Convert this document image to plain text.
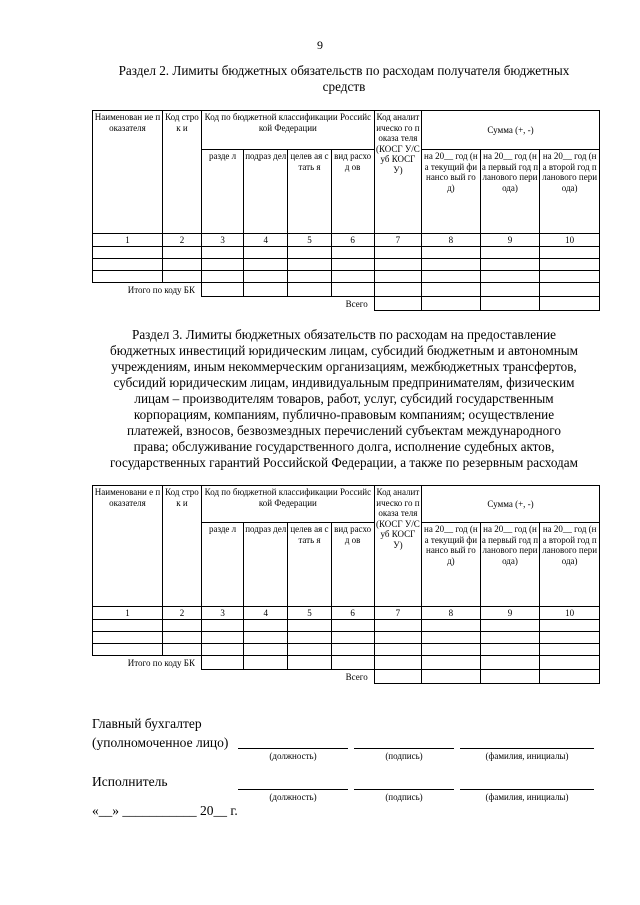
9
Раздел 2. Лимиты бюджетных обязательств по расходам получателя бюджетных
средств
Наименован ие показателя	Код строк и	Код по бюджетной классификации Российской Федерации				Код аналит ическо го показа теля (КОСГ У/Суб КОСГ У)	Сумма (+, -)		
		разде л	подраз дел	целев ая стать я	вид расход ов		на 20__ год (на текущий финансо вый год)	на 20__ год (на первый год планового периода)	на 20__ год (на второй год планового периода)
1	2	3	4	5	6	7	8	9	10

Итого по коду БК									
Всего									
Раздел 3. Лимиты бюджетных обязательств по расходам на предоставление
бюджетных инвестиций юридическим лицам, субсидий бюджетным и автономным
учреждениям, иным некоммерческим организациям, межбюджетных трансфертов,
субсидий юридическим лицам, индивидуальным предпринимателям, физическим
лицам – производителям товаров, работ, услуг, субсидий государственным
корпорациям, компаниям, публично-правовым компаниям; осуществление
платежей, взносов, безвозмездных перечислений субъектам международного
права; обслуживание государственного долга, исполнение судебных актов,
государственных гарантий Российской Федерации, а также по резервным расходам
Наименовани е показателя	Код строк и	Код по бюджетной классификации Российской Федерации				Код аналит ическо го показа теля (КОСГ У/Суб КОСГ У)	Сумма (+, -)		
		разде л	подраз дел	целев ая стать я	вид расход ов		на 20__ год (на текущий финансо вый год)	на 20__ год (на первый год планового периода)	на 20__ год (на второй год планового периода)
1	2	3	4	5	6	7	8	9	10

Итого по коду БК									
Всего									
Главный бухгалтер
(уполномоченное лицо)
(должность)	(подпись)	(фамилия, инициалы)
Исполнитель
(должность)	(подпись)	(фамилия, инициалы)
«__» ___________ 20__ г.
